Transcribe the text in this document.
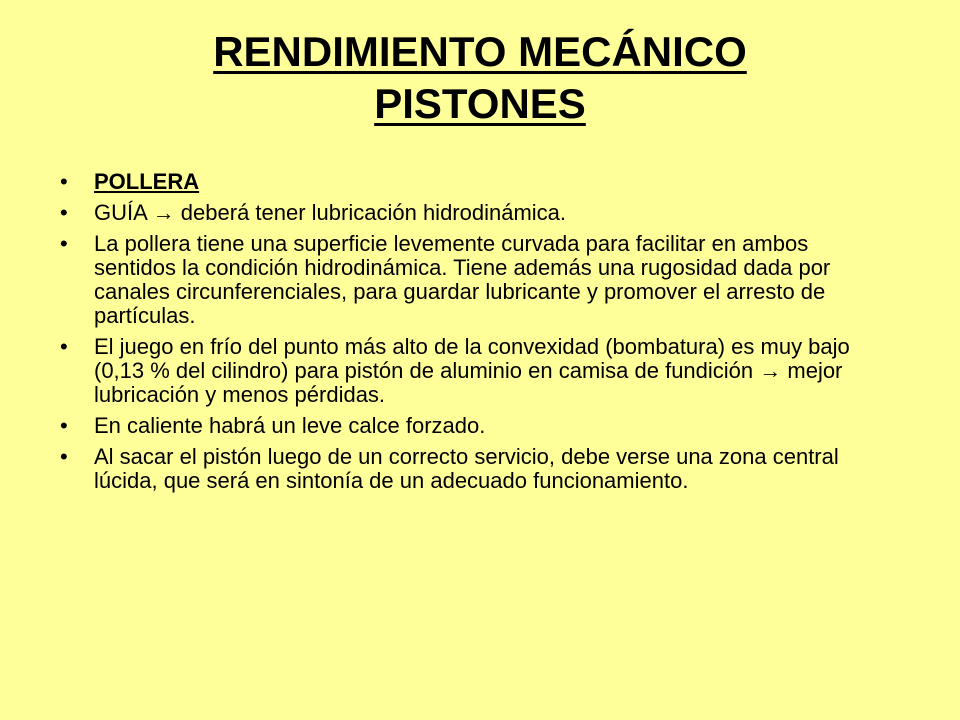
RENDIMIENTO MECÁNICO
PISTONES
•	POLLERA
•	GUÍA → deberá tener lubricación hidrodinámica.
•	La pollera tiene una superficie levemente curvada para facilitar en ambos sentidos la condición hidrodinámica. Tiene además una rugosidad dada por canales circunferenciales, para guardar lubricante y promover el arresto de partículas.
•	El juego en frío del punto más alto de la convexidad (bombatura) es muy bajo (0,13 % del cilindro) para pistón de aluminio en camisa de fundición → mejor lubricación y menos pérdidas.
•	En caliente habrá un leve calce forzado.
•	Al sacar el pistón luego de un correcto servicio, debe verse una zona central lúcida, que será en sintonía de un adecuado funcionamiento.
